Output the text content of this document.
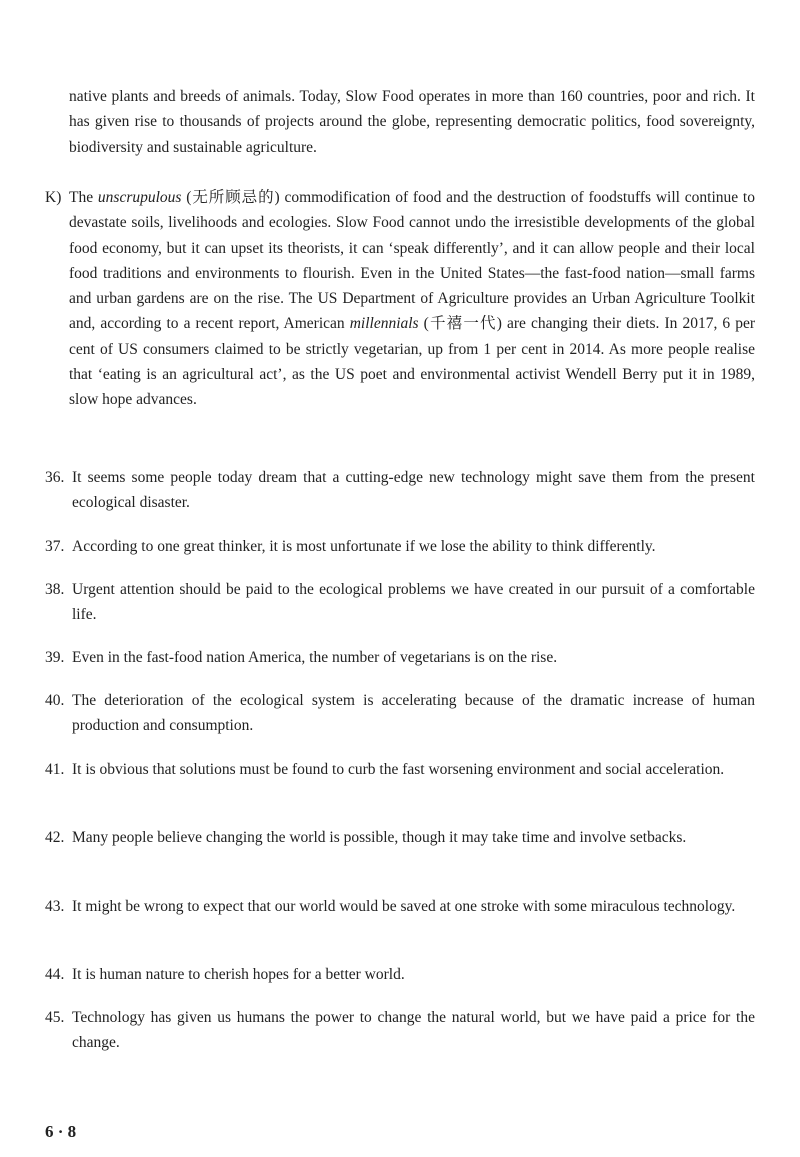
native plants and breeds of animals. Today, Slow Food operates in more than 160 countries, poor and rich. It has given rise to thousands of projects around the globe, representing democratic politics, food sovereignty, biodiversity and sustainable agriculture.

K) The unscrupulous (无所顾忌的) commodification of food and the destruction of foodstuffs will continue to devastate soils, livelihoods and ecologies. Slow Food cannot undo the irresistible developments of the global food economy, but it can upset its theorists, it can ‘speak differently’, and it can allow people and their local food traditions and environments to flourish. Even in the United States—the fast-food nation—small farms and urban gardens are on the rise. The US Department of Agriculture provides an Urban Agriculture Toolkit and, according to a recent report, American millennials (千禧一代) are changing their diets. In 2017, 6 per cent of US consumers claimed to be strictly vegetarian, up from 1 per cent in 2014. As more people realise that ‘eating is an agricultural act’, as the US poet and environmental activist Wendell Berry put it in 1989, slow hope advances.
36. It seems some people today dream that a cutting-edge new technology might save them from the present ecological disaster.
37. According to one great thinker, it is most unfortunate if we lose the ability to think differently.
38. Urgent attention should be paid to the ecological problems we have created in our pursuit of a comfortable life.
39. Even in the fast-food nation America, the number of vegetarians is on the rise.
40. The deterioration of the ecological system is accelerating because of the dramatic increase of human production and consumption.
41. It is obvious that solutions must be found to curb the fast worsening environment and social acceleration.
42. Many people believe changing the world is possible, though it may take time and involve setbacks.
43. It might be wrong to expect that our world would be saved at one stroke with some miraculous technology.
44. It is human nature to cherish hopes for a better world.
45. Technology has given us humans the power to change the natural world, but we have paid a price for the change.
6 · 8
